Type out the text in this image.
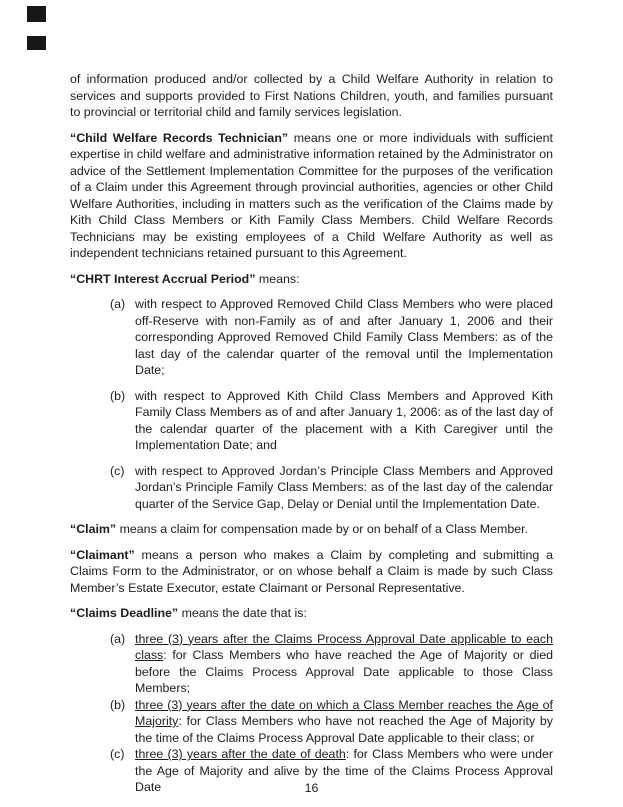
of information produced and/or collected by a Child Welfare Authority in relation to services and supports provided to First Nations Children, youth, and families pursuant to provincial or territorial child and family services legislation.

“Child Welfare Records Technician” means one or more individuals with sufficient expertise in child welfare and administrative information retained by the Administrator on advice of the Settlement Implementation Committee for the purposes of the verification of a Claim under this Agreement through provincial authorities, agencies or other Child Welfare Authorities, including in matters such as the verification of the Claims made by Kith Child Class Members or Kith Family Class Members. Child Welfare Records Technicians may be existing employees of a Child Welfare Authority as well as independent technicians retained pursuant to this Agreement.

“CHRT Interest Accrual Period” means:

(a) with respect to Approved Removed Child Class Members who were placed off-Reserve with non-Family as of and after January 1, 2006 and their corresponding Approved Removed Child Family Class Members: as of the last day of the calendar quarter of the removal until the Implementation Date;
(b) with respect to Approved Kith Child Class Members and Approved Kith Family Class Members as of and after January 1, 2006: as of the last day of the calendar quarter of the placement with a Kith Caregiver until the Implementation Date; and
(c) with respect to Approved Jordan’s Principle Class Members and Approved Jordan’s Principle Family Class Members: as of the last day of the calendar quarter of the Service Gap, Delay or Denial until the Implementation Date.

“Claim” means a claim for compensation made by or on behalf of a Class Member.

“Claimant” means a person who makes a Claim by completing and submitting a Claims Form to the Administrator, or on whose behalf a Claim is made by such Class Member’s Estate Executor, estate Claimant or Personal Representative.

“Claims Deadline” means the date that is:

(a) three (3) years after the Claims Process Approval Date applicable to each class: for Class Members who have reached the Age of Majority or died before the Claims Process Approval Date applicable to those Class Members;
(b) three (3) years after the date on which a Class Member reaches the Age of Majority: for Class Members who have not reached the Age of Majority by the time of the Claims Process Approval Date applicable to their class; or
(c) three (3) years after the date of death: for Class Members who were under the Age of Majority and alive by the time of the Claims Process Approval Date	16
